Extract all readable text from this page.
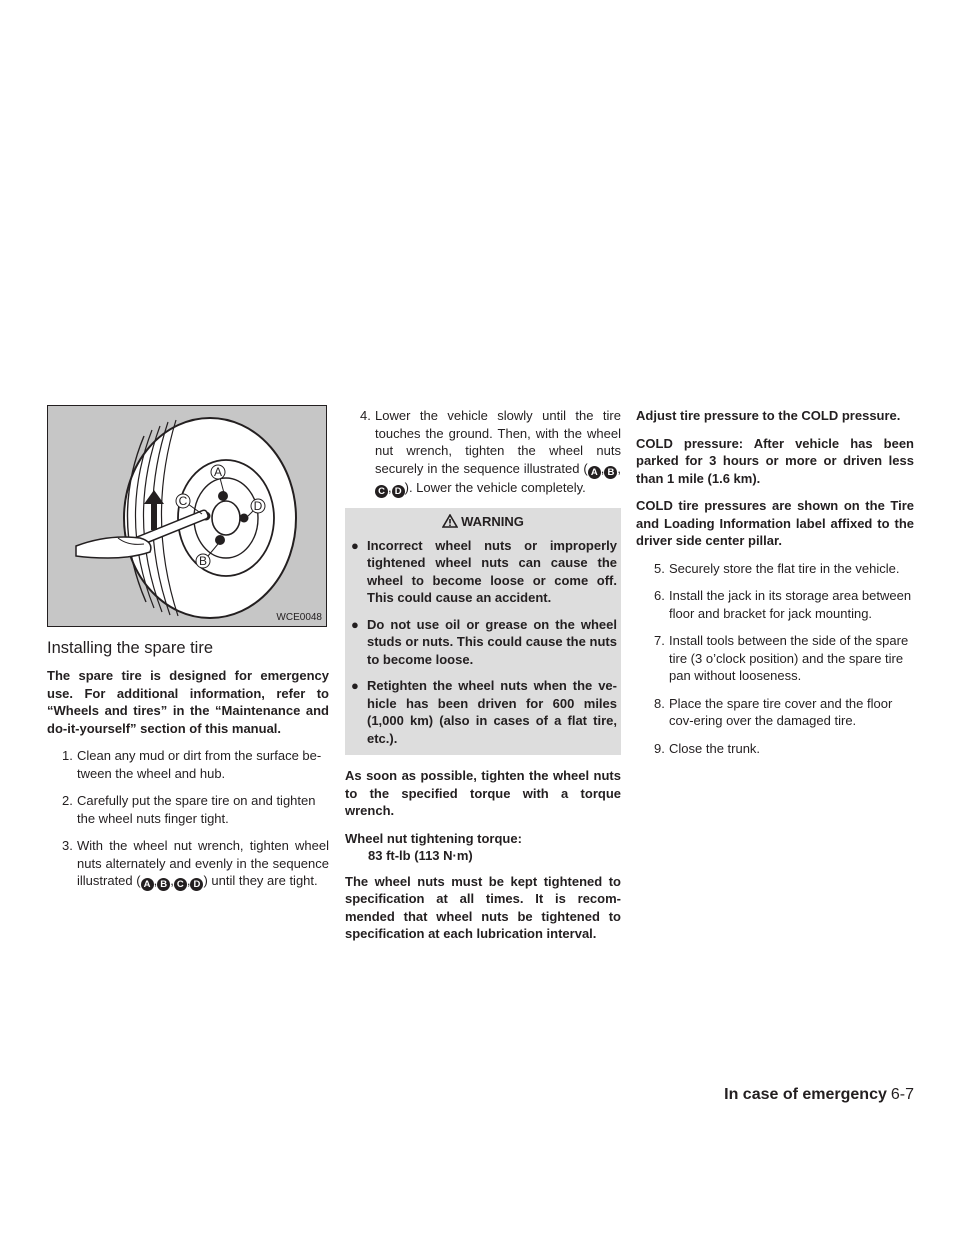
A
D
B
C
WCE0048
Installing the spare tire

The spare tire is designed for emergency use. For additional information, refer to “Wheels and tires” in the “Maintenance and do-it-yourself” section of this manual.

1. Clean any mud or dirt from the surface be-tween the wheel and hub.
2. Carefully put the spare tire on and tighten the wheel nuts finger tight.
3. With the wheel nut wrench, tighten wheel nuts alternately and evenly in the sequence illustrated ( A , B , C , D ) until they are tight.
4. Lower the vehicle slowly until the tire touches the ground. Then, with the wheel nut wrench, tighten the wheel nuts securely in the sequence illustrated ( A , B ,C , D ). Lower the vehicle completely.
WARNING
● Incorrect wheel nuts or improperly tightened wheel nuts can cause the wheel to become loose or come off. This could cause an accident.
● Do not use oil or grease on the wheel studs or nuts. This could cause the nuts to become loose.
● Retighten the wheel nuts when the ve-hicle has been driven for 600 miles (1,000 km) (also in cases of a flat tire, etc.).

As soon as possible, tighten the wheel nuts to the specified torque with a torque wrench.

Wheel nut tightening torque:
83 ft-lb (113 N·m)

The wheel nuts must be kept tightened to specification at all times. It is recom-mended that wheel nuts be tightened to specification at each lubrication interval.

Adjust tire pressure to the COLD pressure.

COLD pressure: After vehicle has been parked for 3 hours or more or driven less than 1 mile (1.6 km).

COLD tire pressures are shown on the Tire and Loading Information label affixed to the driver side center pillar.

5. Securely store the flat tire in the vehicle.
6. Install the jack in its storage area between floor and bracket for jack mounting.
7. Install tools between the side of the spare tire (3 o’clock position) and the spare tire pan without looseness.
8. Place the spare tire cover and the floor cov-ering over the damaged tire.
9. Close the trunk.
In case of emergency 6-7
